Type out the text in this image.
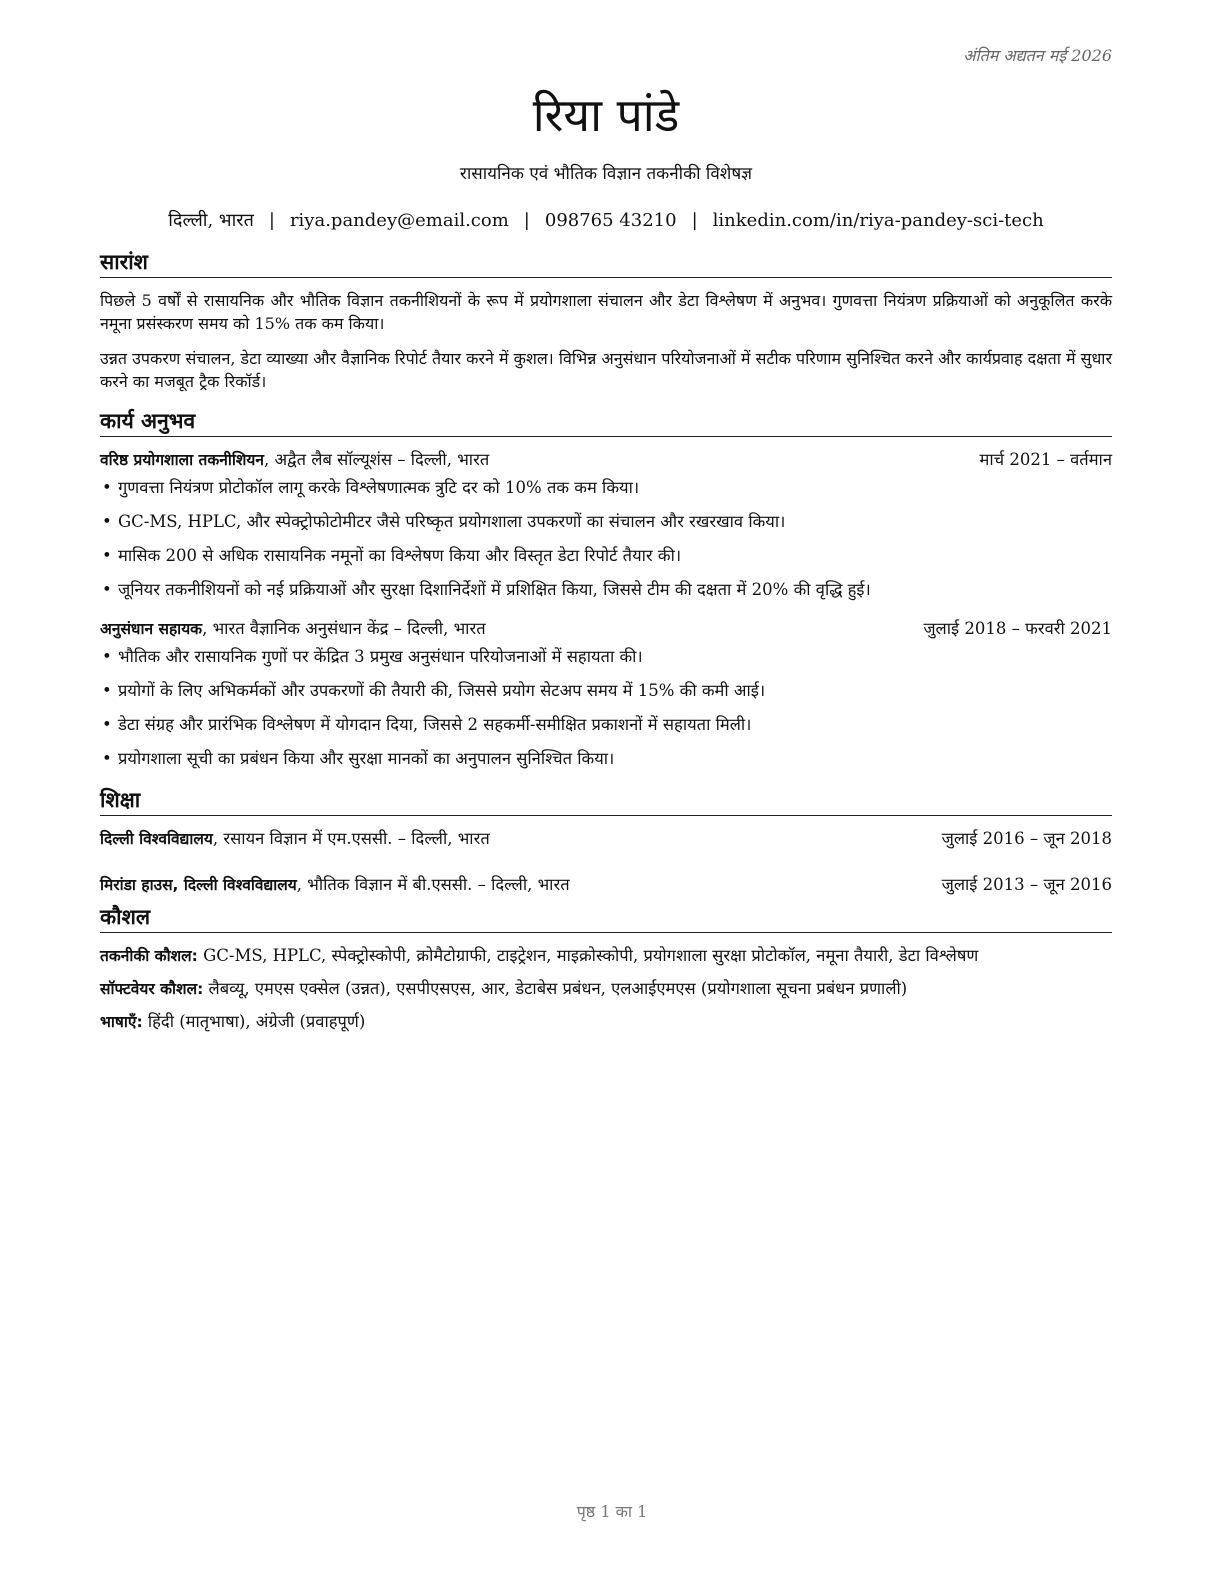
अंतिम अद्यतन मई 2026
रिया पांडे
रासायनिक एवं भौतिक विज्ञान तकनीकी विशेषज्ञ
दिल्ली, भारत | riya.pandey@email.com | 098765 43210 | linkedin.com/in/riya-pandey-sci-tech
सारांश

पिछले 5 वर्षों से रासायनिक और भौतिक विज्ञान तकनीशियनों के रूप में प्रयोगशाला संचालन और डेटा विश्लेषण में अनुभव। गुणवत्ता नियंत्रण प्रक्रियाओं को अनुकूलित करके नमूना प्रसंस्करण समय को 15% तक कम किया।

उन्नत उपकरण संचालन, डेटा व्याख्या और वैज्ञानिक रिपोर्ट तैयार करने में कुशल। विभिन्न अनुसंधान परियोजनाओं में सटीक परिणाम सुनिश्चित करने और कार्यप्रवाह दक्षता में सुधार करने का मजबूत ट्रैक रिकॉर्ड।

कार्य अनुभव
वरिष्ठ प्रयोगशाला तकनीशियन, अद्वैत लैब सॉल्यूशंस – दिल्ली, भारत	मार्च 2021 – वर्तमान
• गुणवत्ता नियंत्रण प्रोटोकॉल लागू करके विश्लेषणात्मक त्रुटि दर को 10% तक कम किया।
• GC-MS, HPLC, और स्पेक्ट्रोफोटोमीटर जैसे परिष्कृत प्रयोगशाला उपकरणों का संचालन और रखरखाव किया।
• मासिक 200 से अधिक रासायनिक नमूनों का विश्लेषण किया और विस्तृत डेटा रिपोर्ट तैयार की।
• जूनियर तकनीशियनों को नई प्रक्रियाओं और सुरक्षा दिशानिर्देशों में प्रशिक्षित किया, जिससे टीम की दक्षता में 20% की वृद्धि हुई।
अनुसंधान सहायक, भारत वैज्ञानिक अनुसंधान केंद्र – दिल्ली, भारत	जुलाई 2018 – फरवरी 2021
• भौतिक और रासायनिक गुणों पर केंद्रित 3 प्रमुख अनुसंधान परियोजनाओं में सहायता की।
• प्रयोगों के लिए अभिकर्मकों और उपकरणों की तैयारी की, जिससे प्रयोग सेटअप समय में 15% की कमी आई।
• डेटा संग्रह और प्रारंभिक विश्लेषण में योगदान दिया, जिससे 2 सहकर्मी-समीक्षित प्रकाशनों में सहायता मिली।
• प्रयोगशाला सूची का प्रबंधन किया और सुरक्षा मानकों का अनुपालन सुनिश्चित किया।
शिक्षा
दिल्ली विश्वविद्यालय, रसायन विज्ञान में एम.एससी. – दिल्ली, भारत	जुलाई 2016 – जून 2018
मिरांडा हाउस, दिल्ली विश्वविद्यालय, भौतिक विज्ञान में बी.एससी. – दिल्ली, भारत	जुलाई 2013 – जून 2016
कौशल
तकनीकी कौशल: GC-MS, HPLC, स्पेक्ट्रोस्कोपी, क्रोमैटोग्राफी, टाइट्रेशन, माइक्रोस्कोपी, प्रयोगशाला सुरक्षा प्रोटोकॉल, नमूना तैयारी, डेटा विश्लेषण
सॉफ्टवेयर कौशल: लैबव्यू, एमएस एक्सेल (उन्नत), एसपीएसएस, आर, डेटाबेस प्रबंधन, एलआईएमएस (प्रयोगशाला सूचना प्रबंधन प्रणाली)
भाषाएँ: हिंदी (मातृभाषा), अंग्रेजी (प्रवाहपूर्ण)
पृष्ठ 1 का 1
